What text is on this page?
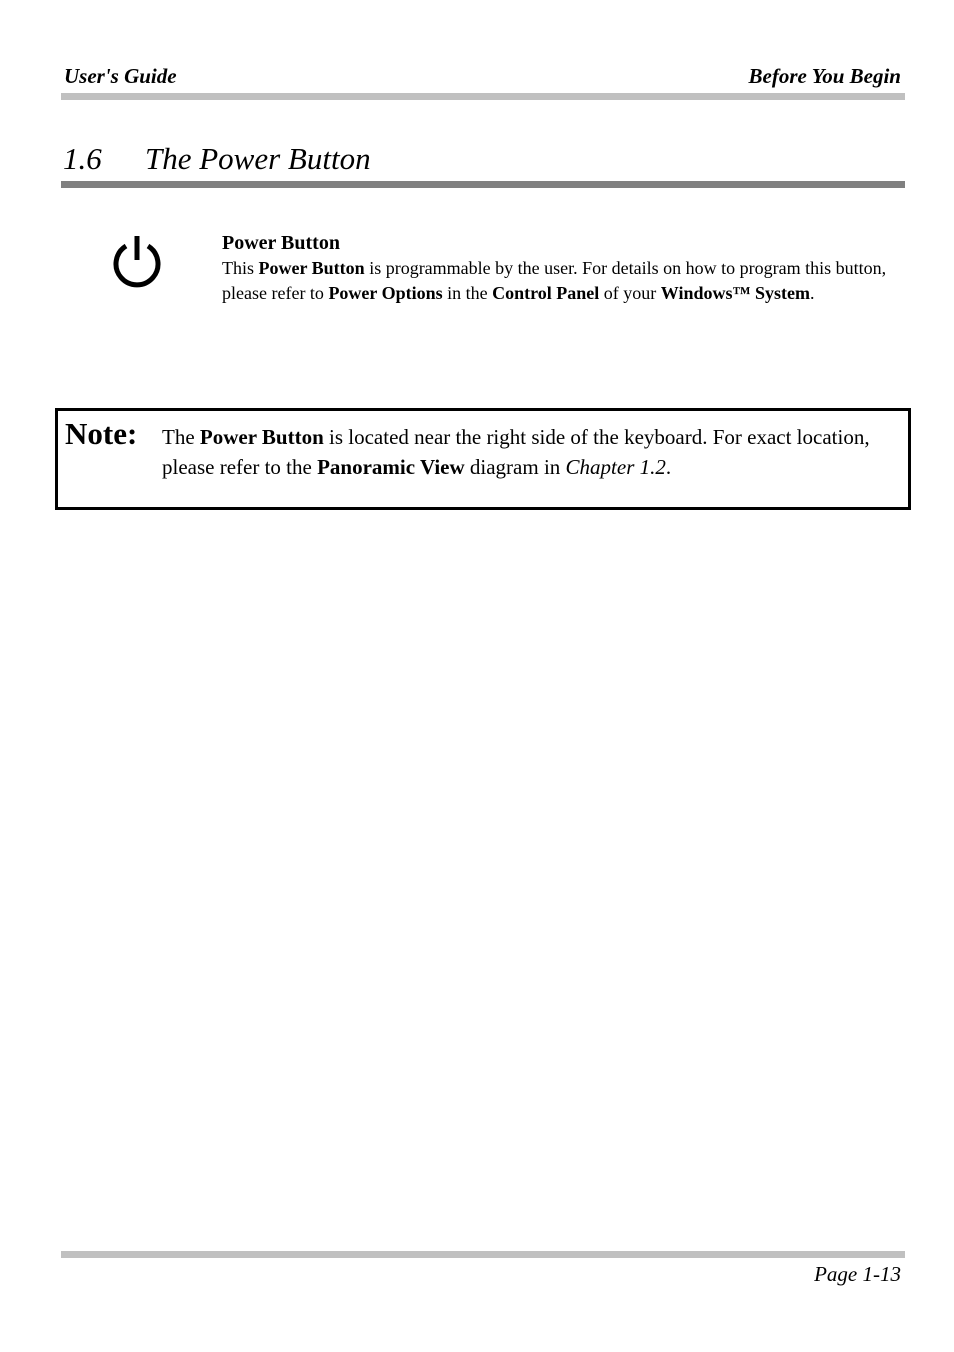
User's Guide	Before You Begin
1.6 The Power Button
Power Button
This Power Button is programmable by the user. For details on how to program this button, please refer to Power Options in the Control Panel of your Windows™ System.
Note: The Power Button is located near the right side of the keyboard. For exact location, please refer to the Panoramic View diagram in Chapter 1.2.
Page 1-13
